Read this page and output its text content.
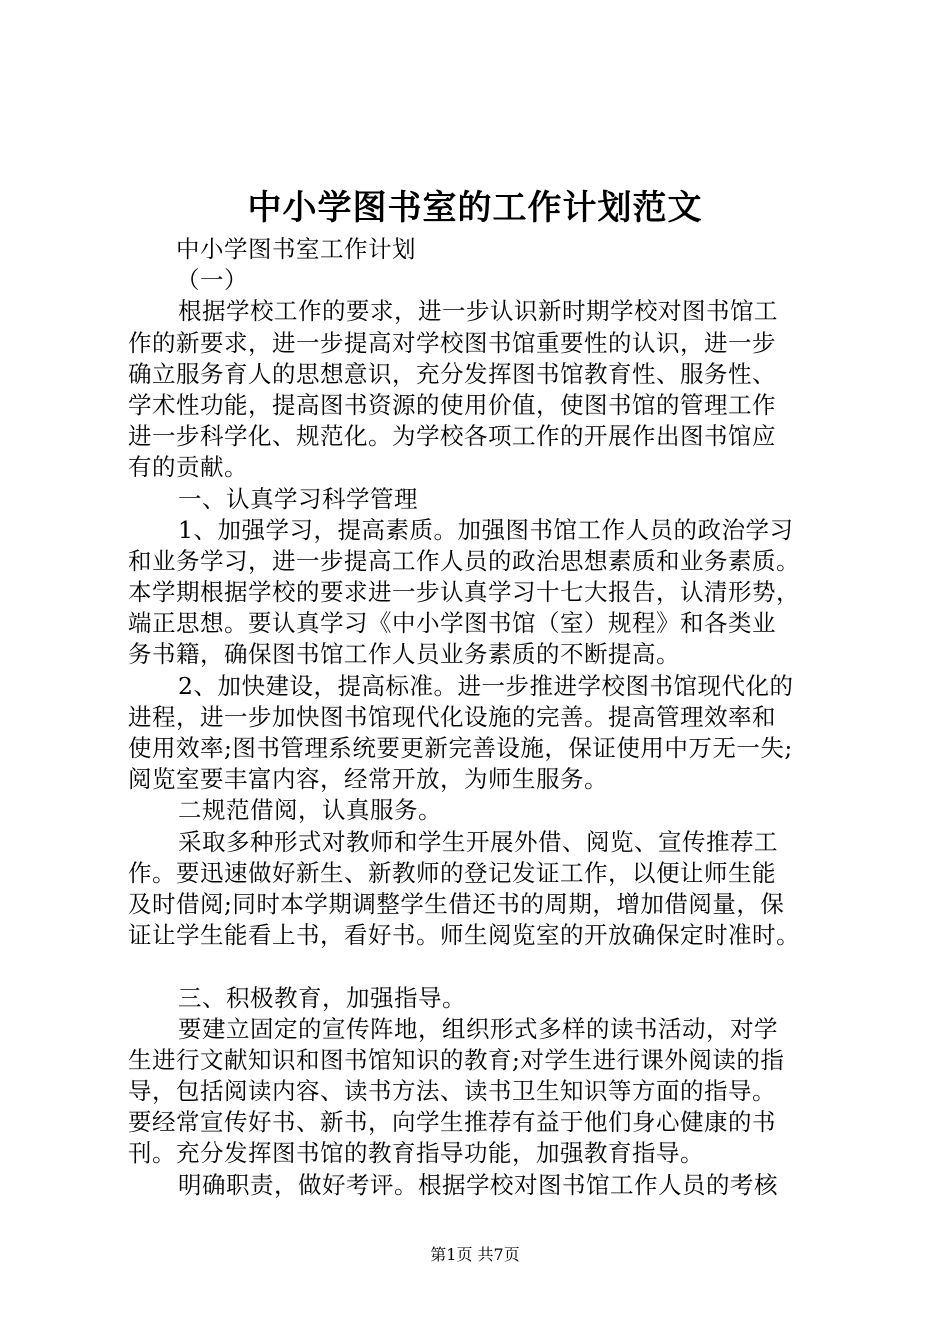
中小学图书室的工作计划范文
中小学图书室工作计划
（一）
根据学校工作的要求，进一步认识新时期学校对图书馆工
作的新要求，进一步提高对学校图书馆重要性的认识，进一步
确立服务育人的思想意识，充分发挥图书馆教育性、服务性、
学术性功能，提高图书资源的使用价值，使图书馆的管理工作
进一步科学化、规范化。为学校各项工作的开展作出图书馆应
有的贡献。
一、认真学习科学管理
1、加强学习，提高素质。加强图书馆工作人员的政治学习
和业务学习，进一步提高工作人员的政治思想素质和业务素质。
本学期根据学校的要求进一步认真学习十七大报告，认清形势，
端正思想。要认真学习《中小学图书馆（室）规程》和各类业
务书籍，确保图书馆工作人员业务素质的不断提高。
2、加快建设，提高标准。进一步推进学校图书馆现代化的
进程，进一步加快图书馆现代化设施的完善。提高管理效率和
使用效率;图书管理系统要更新完善设施，保证使用中万无一失;
阅览室要丰富内容，经常开放，为师生服务。
二规范借阅，认真服务。
采取多种形式对教师和学生开展外借、阅览、宣传推荐工
作。要迅速做好新生、新教师的登记发证工作，以便让师生能
及时借阅;同时本学期调整学生借还书的周期，增加借阅量，保
证让学生能看上书，看好书。师生阅览室的开放确保定时准时。
三、积极教育，加强指导。
要建立固定的宣传阵地，组织形式多样的读书活动，对学
生进行文献知识和图书馆知识的教育;对学生进行课外阅读的指
导，包括阅读内容、读书方法、读书卫生知识等方面的指导。
要经常宣传好书、新书，向学生推荐有益于他们身心健康的书
刊。充分发挥图书馆的教育指导功能，加强教育指导。
明确职责，做好考评。根据学校对图书馆工作人员的考核
第1页 共7页
